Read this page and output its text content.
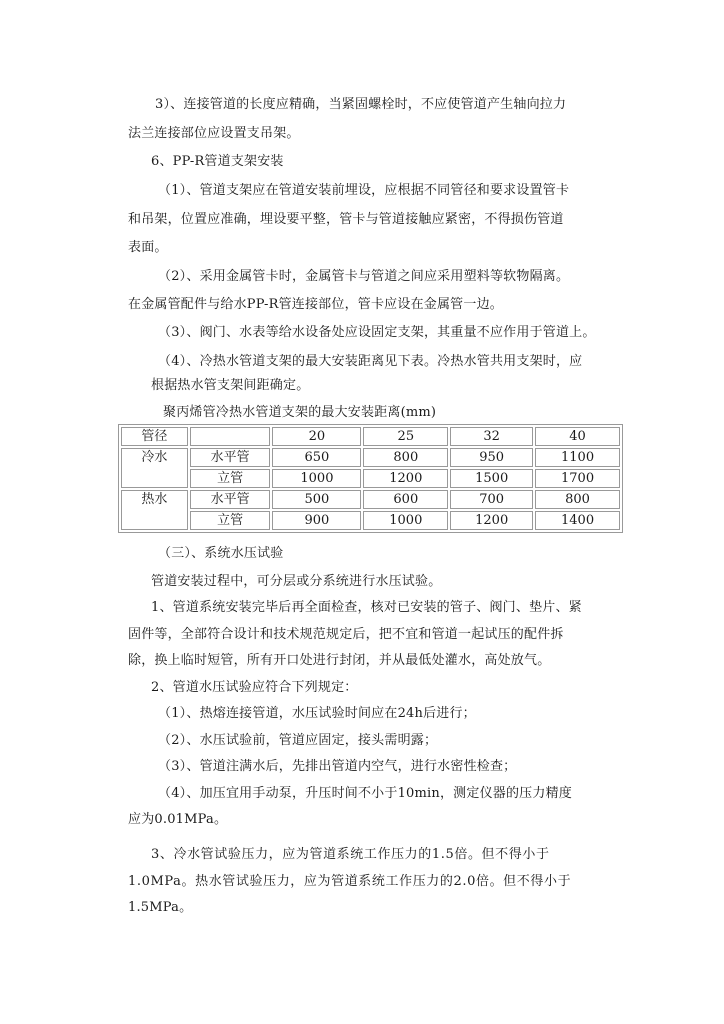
3）、连接管道的长度应精确，当紧固螺栓时，不应使管道产生轴向拉力
法兰连接部位应设置支吊架。
6、PP-R管道支架安装
（1）、管道支架应在管道安装前埋设，应根据不同管径和要求设置管卡
和吊架，位置应准确，埋设要平整，管卡与管道接触应紧密，不得损伤管道
表面。
（2）、采用金属管卡时，金属管卡与管道之间应采用塑料等软物隔离。
在金属管配件与给水PP-R管连接部位，管卡应设在金属管一边。
（3）、阀门、水表等给水设备处应设固定支架，其重量不应作用于管道上。
（4）、冷热水管道支架的最大安装距离见下表。冷热水管共用支架时，应
根据热水管支架间距确定。
聚丙烯管冷热水管道支架的最大安装距离(mm)
管径		20	25	32	40
冷水	水平管	650	800	950	1100
	立管	1000	1200	1500	1700
热水	水平管	500	600	700	800
	立管	900	1000	1200	1400
（三）、系统水压试验
管道安装过程中，可分层或分系统进行水压试验。
1、管道系统安装完毕后再全面检查，核对已安装的管子、阀门、垫片、紧
固件等，全部符合设计和技术规范规定后，把不宜和管道一起试压的配件拆
除，换上临时短管，所有开口处进行封闭，并从最低处灌水，高处放气。
2、管道水压试验应符合下列规定：
（1）、热熔连接管道，水压试验时间应在24h后进行；
（2）、水压试验前，管道应固定，接头需明露；
（3）、管道注满水后，先排出管道内空气，进行水密性检查；
（4）、加压宜用手动泵，升压时间不小于10min，测定仪器的压力精度
应为0.01MPa。
3、冷水管试验压力，应为管道系统工作压力的1.5倍。但不得小于
1.0MPa。热水管试验压力，应为管道系统工作压力的2.0倍。但不得小于
1.5MPa。
